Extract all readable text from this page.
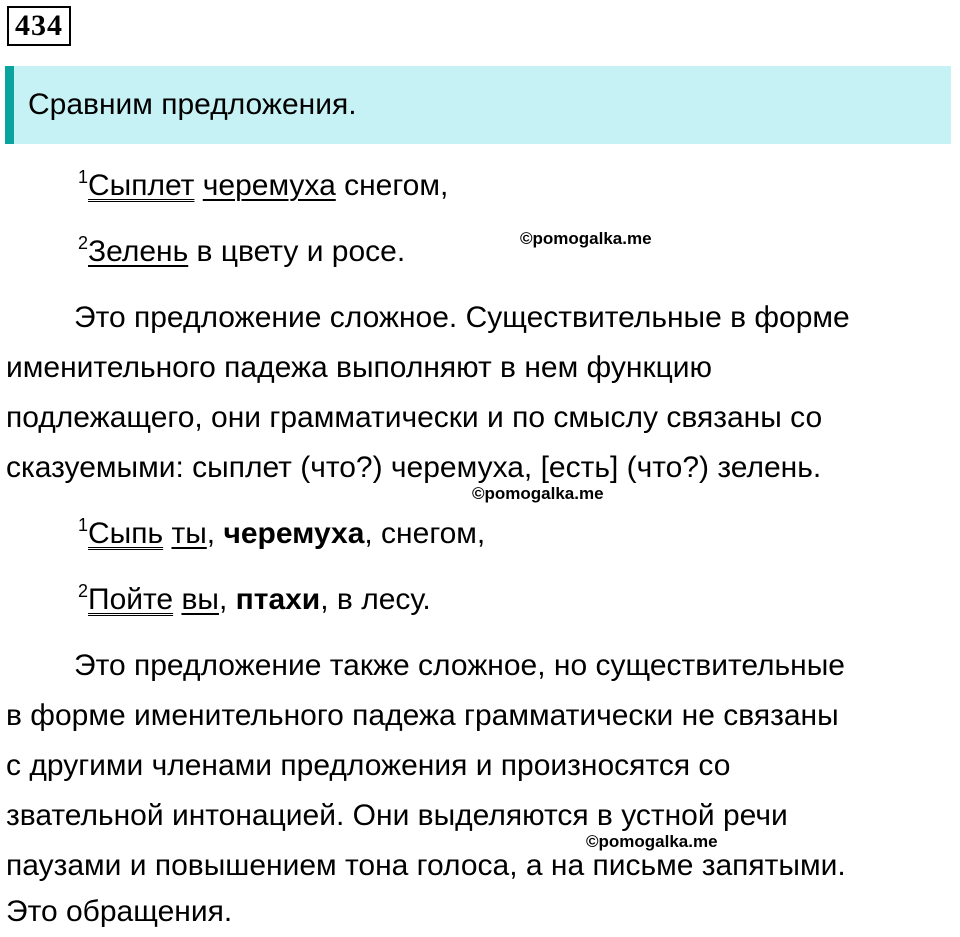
434
Сравним предложения.
$^1$Сыплет черемуха снегом,
$^2$Зелень в цвету и росе.	©pomogalka.me
Это предложение сложное. Существительные в форме
именительного падежа выполняют в нем функцию
подлежащего, они грамматически и по смыслу связаны со
сказуемыми: сыплет (что?) черемуха, [есть] (что?) зелень.
©pomogalka.me
$^1$Сыпь ты, черемуха, снегом,
$^2$Пойте вы, птахи, в лесу.
Это предложение также сложное, но существительные
в форме именительного падежа грамматически не связаны
с другими членами предложения и произносятся со
звательной интонацией. Они выделяются в устной речи
паузами и повышением тона голоса, а на письме запятыми.
Это обращения.
©pomogalka.me
